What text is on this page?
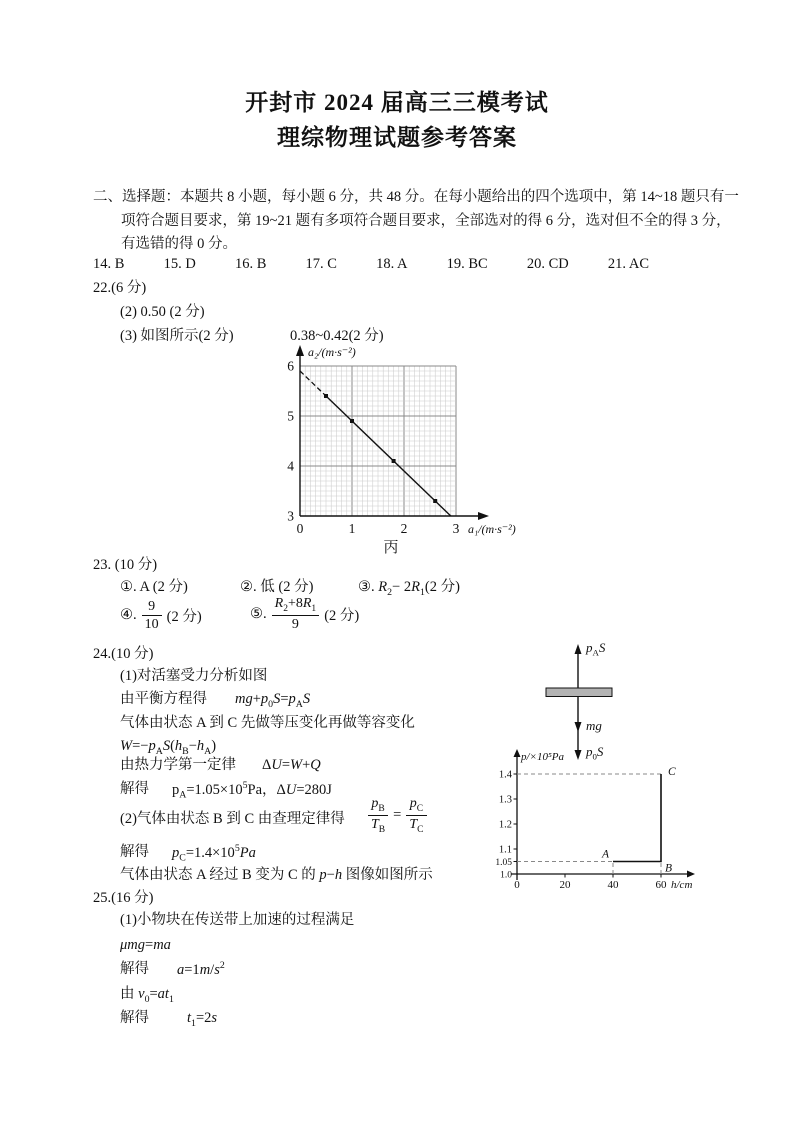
开封市 2024 届高三三模考试
理综物理试题参考答案
二、选择题：本题共 8 小题，每小题 6 分，共 48 分。在每小题给出的四个选项中，第 14~18 题只有一项符合题目要求，第 19~21 题有多项符合题目要求，全部选对的得 6 分，选对但不全的得 3 分，有选错的得 0 分。
14. B	15. D	16. B	17. C	18. A	19. BC	20. CD	21. AC
22.(6 分)
(2) 0.50 (2 分)
(3) 如图所示(2 分)	0.38~0.42(2 分)
3
4
5
6
0	1	2	3
a₂/(m·s⁻²)
a₁/(m·s⁻²)
丙
23. (10 分)
①. A (2 分)	②. 低 (2 分)	③. $R_2- 2R_1(2$ 分)
④. $\frac{9}{10} (2$ 分)	⑤. $\frac{R_2+8R_1}{9} (2$ 分)
24.(10 分)
(1)对活塞受力分析如图
由平衡方程得 $mg+p_0S=p_AS$
气体由状态 A 到 C 先做等压变化再做等容变化
$W=-p_AS(h_B-h_A)$
由热力学第一定律 ΔU=W+Q
解得 $p_A=1.05\times 10^5Pa$，ΔU=280J
(2)气体由状态 B 到 C 由查理定律得 $\frac{p_B}{T_B} = \frac{p_C}{T_C}$
解得 $p_C=1.4\times 10^5Pa$
气体由状态 A 经过 B 变为 C 的 p−h 图像如图所示
$p_AS$
mg
$p_0S$
1.0
1.05
1.1
1.2
1.3
1.4
0	20	40	60
p/×10⁵Pa
h/cm
A
B
C
25.(16 分)
(1)小物块在传送带上加速的过程满足
μmg=ma
解得 $a=1m/s^2$
由 $v_0=at_1$
解得	$t_1=2s$
